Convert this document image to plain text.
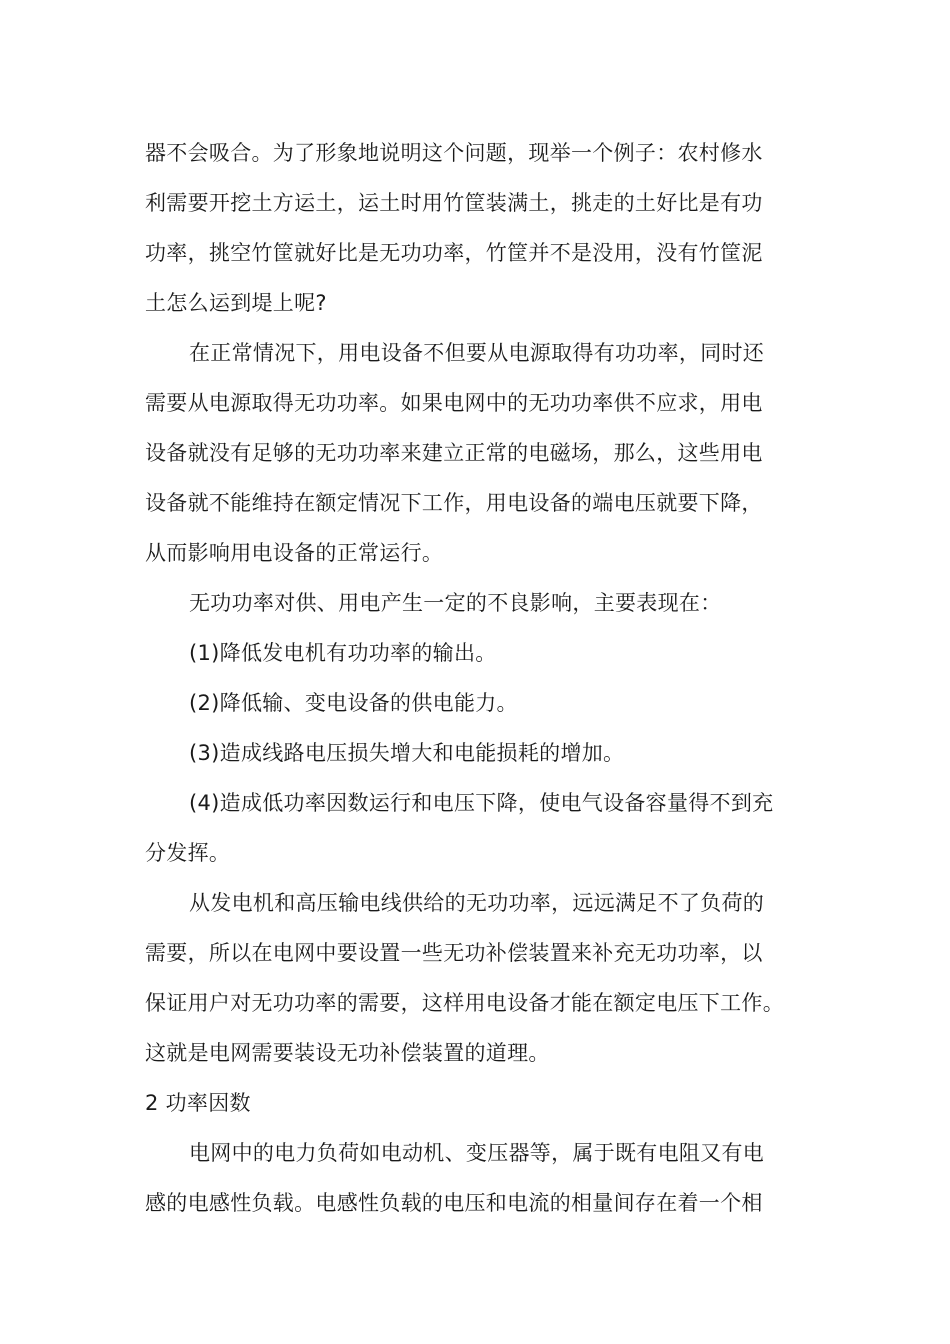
器不会吸合。为了形象地说明这个问题，现举一个例子：农村修水
利需要开挖土方运土，运土时用竹筐装满土，挑走的土好比是有功
功率，挑空竹筐就好比是无功功率，竹筐并不是没用，没有竹筐泥
土怎么运到堤上呢?
在正常情况下，用电设备不但要从电源取得有功功率，同时还
需要从电源取得无功功率。如果电网中的无功功率供不应求，用电
设备就没有足够的无功功率来建立正常的电磁场，那么，这些用电
设备就不能维持在额定情况下工作，用电设备的端电压就要下降，
从而影响用电设备的正常运行。
无功功率对供、用电产生一定的不良影响，主要表现在：
(1)降低发电机有功功率的输出。
(2)降低输、变电设备的供电能力。
(3)造成线路电压损失增大和电能损耗的增加。
(4)造成低功率因数运行和电压下降，使电气设备容量得不到充
分发挥。
从发电机和高压输电线供给的无功功率，远远满足不了负荷的
需要，所以在电网中要设置一些无功补偿装置来补充无功功率，以
保证用户对无功功率的需要，这样用电设备才能在额定电压下工作。
这就是电网需要装设无功补偿装置的道理。
2 功率因数
电网中的电力负荷如电动机、变压器等，属于既有电阻又有电
感的电感性负载。电感性负载的电压和电流的相量间存在着一个相
